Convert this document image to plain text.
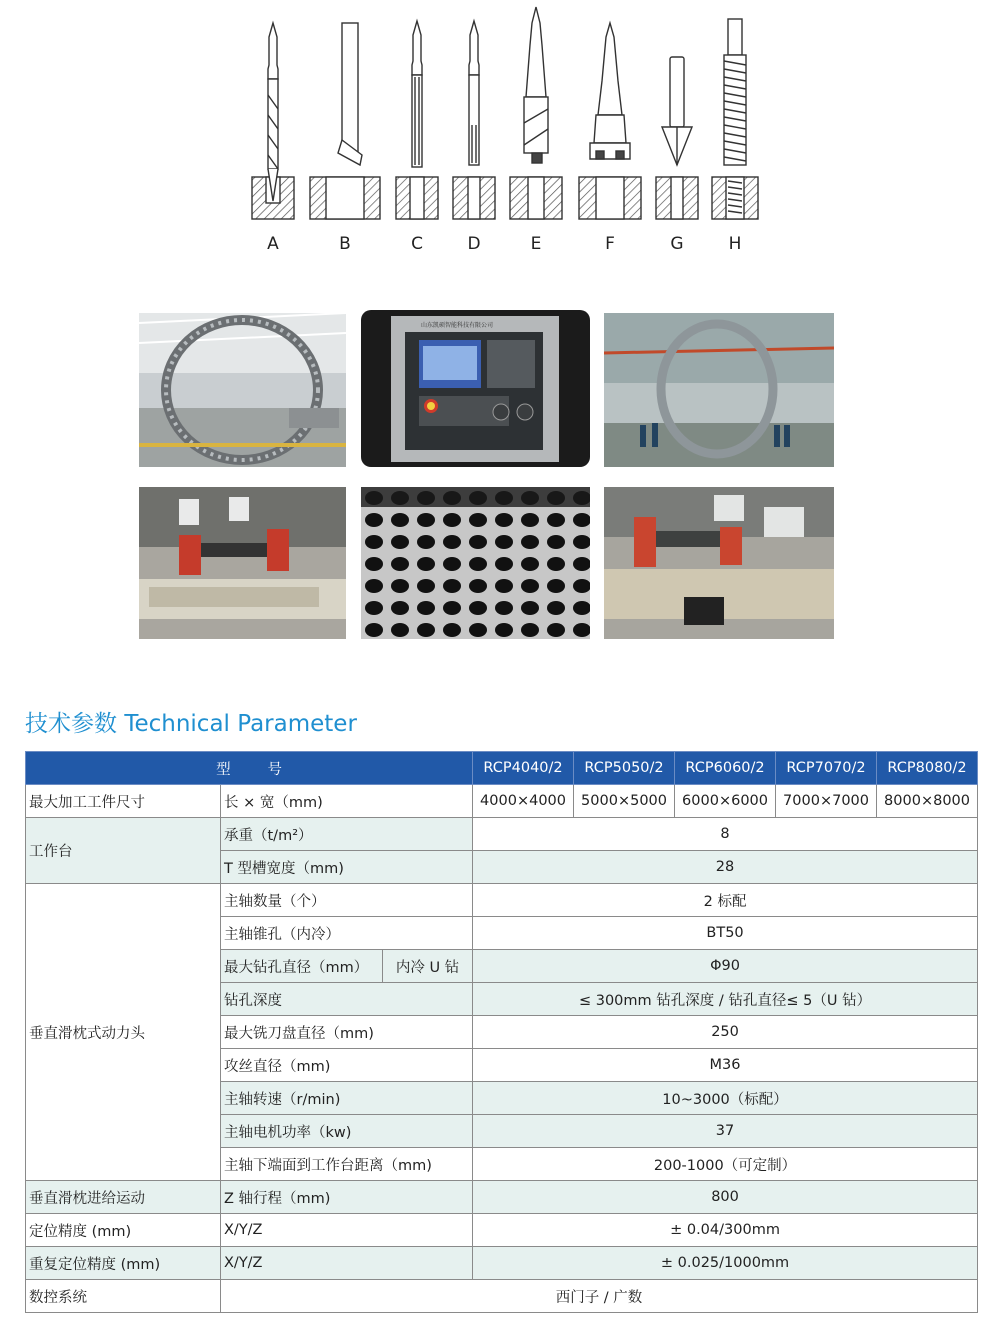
A	B	C	D	E	F	G	H
山东凯硕智能科技有限公司
技术参数 Technical Parameter
型        号			RCP4040/2	RCP5050/2	RCP6060/2	RCP7070/2	RCP8080/2
最大加工工件尺寸	长 × 宽（mm)		4000×4000	5000×5000	6000×6000	7000×7000	8000×8000
工作台	承重（t/m²）		8				
	T 型槽宽度（mm)		28				
垂直滑枕式动力头	主轴数量（个）		2 标配				
	主轴锥孔（内冷）		BT50				
	最大钻孔直径（mm）	内冷 U 钻	Φ90				
	钻孔深度		≤ 300mm 钻孔深度 / 钻孔直径≤ 5（U 钻）				
	最大铣刀盘直径（mm)		250				
	攻丝直径（mm)		M36				
	主轴转速（r/min)		10~3000（标配）				
	主轴电机功率（kw)		37				
	主轴下端面到工作台距离（mm)		200-1000（可定制）				
垂直滑枕进给运动	Z 轴行程（mm)		800				
定位精度 (mm)	X/Y/Z		± 0.04/300mm				
重复定位精度 (mm)	X/Y/Z		± 0.025/1000mm				
数控系统	西门子 / 广数						
